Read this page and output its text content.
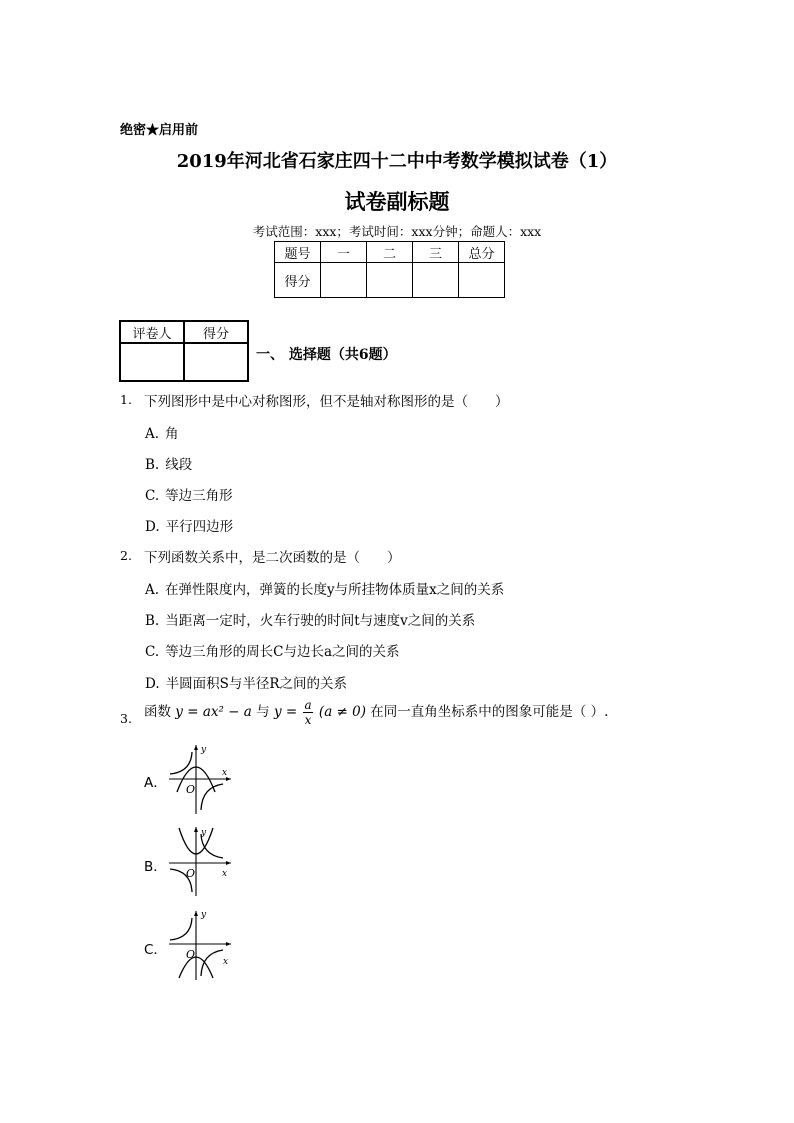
绝密★启用前
2019年河北省石家庄四十二中中考数学模拟试卷（1）
试卷副标题
考试范围：xxx；考试时间：xxx分钟；命题人：xxx
题号	一	二	三	总分
得分				
评卷人	得分

一、 选择题（共6题）
1. 下列图形中是中心对称图形，但不是轴对称图形的是（　　）
A. 角
B. 线段
C. 等边三角形
D. 平行四边形
2. 下列函数关系中，是二次函数的是（　　）
A. 在弹性限度内，弹簧的长度y与所挂物体质量x之间的关系
B. 当距离一定时，火车行驶的时间t与速度v之间的关系
C. 等边三角形的周长C与边长a之间的关系
D. 半圆面积S与半径R之间的关系
3. 函数 y = ax² − a 与 $y = \frac{a}{x} (a \ne 0)$ 在同一直角坐标系中的图象可能是（ ）.
A．
y
x
O
B．
y
x
O
C．
y
x
O
